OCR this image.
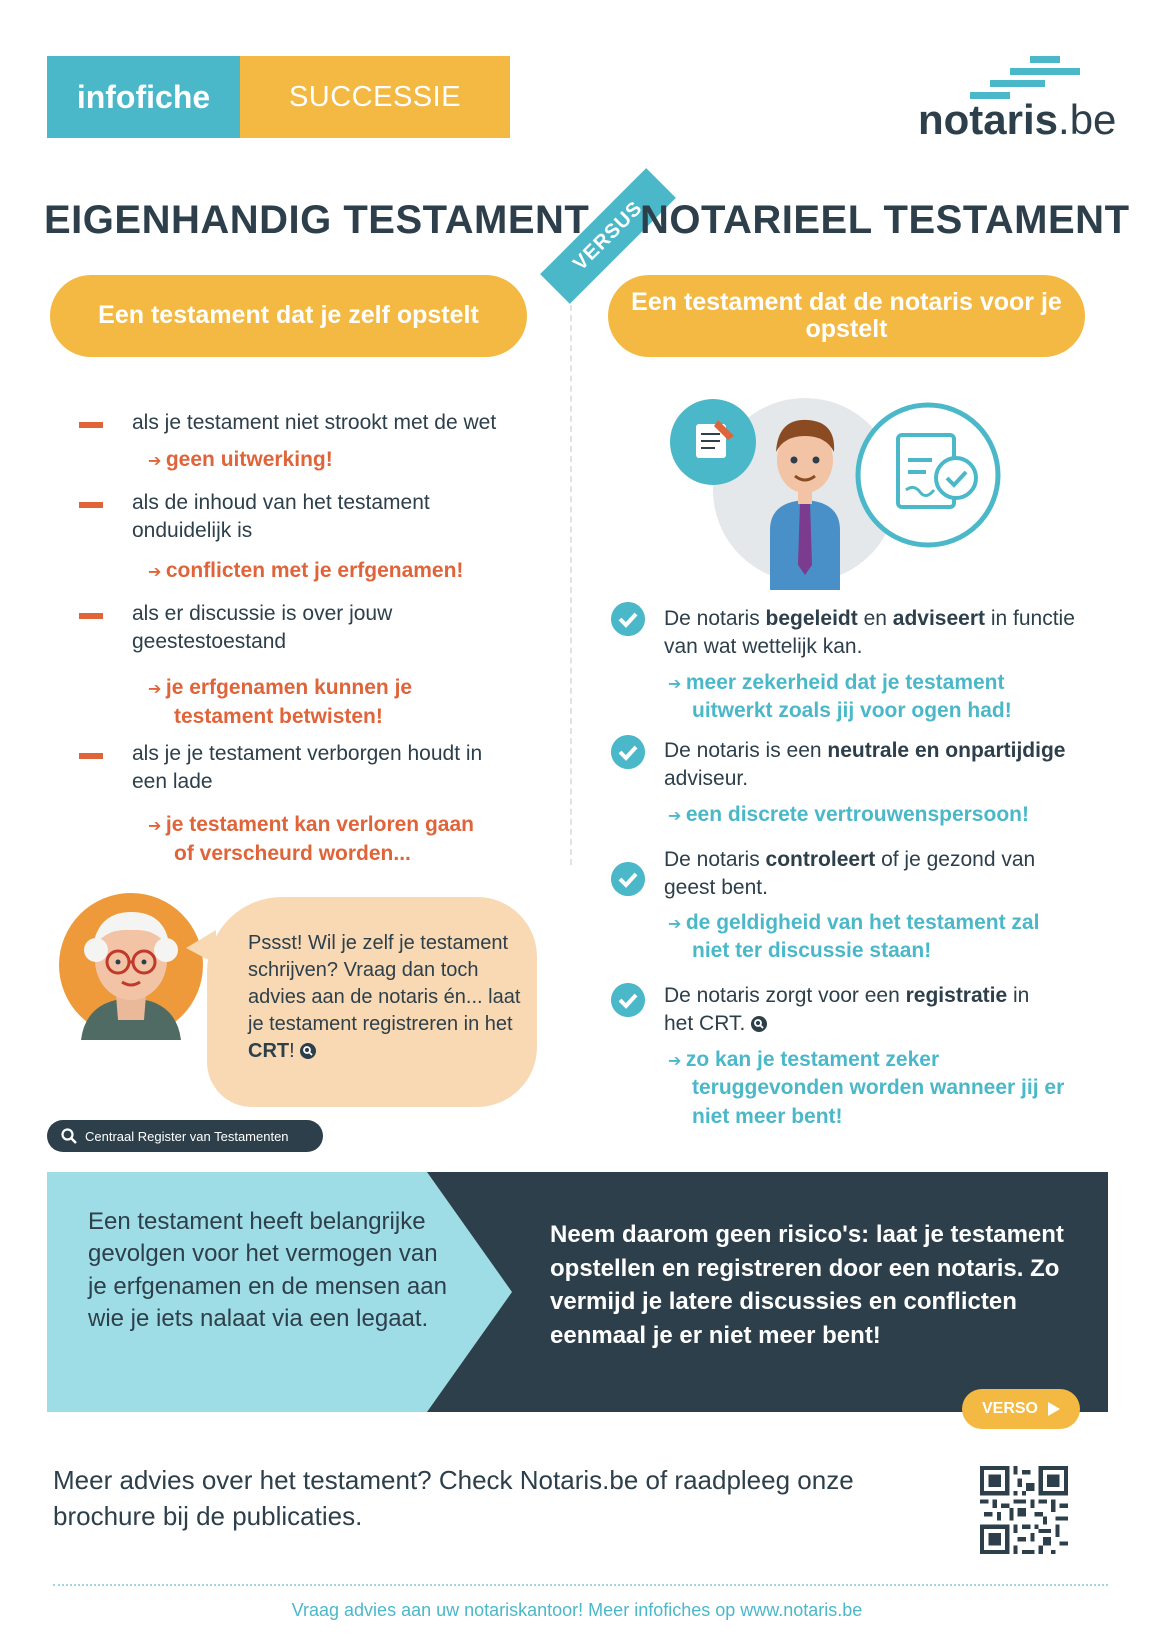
infofiche	SUCCESSIE	notaris.be
EIGENHANDIG TESTAMENT
VERSUS
NOTARIEEL TESTAMENT
Een testament dat je zelf opstelt	Een testament dat de notaris voor je opstelt
als je testament niet strookt met de wet
➔ geen uitwerking!
als de inhoud van het testament onduidelijk is
➔ conflicten met je erfgenamen!
als er discussie is over jouw geestestoestand
➔ je erfgenamen kunnen je testament betwisten!
als je je testament verborgen houdt in een lade
➔ je testament kan verloren gaan of verscheurd worden...
Pssst! Wil je zelf je testament schrijven? Vraag dan toch advies aan de notaris én... laat je testament registreren in het CRT!
Centraal Register van Testamenten
De notaris begeleidt en adviseert in functie van wat wettelijk kan.
➔ meer zekerheid dat je testament uitwerkt zoals jij voor ogen had!
De notaris is een neutrale en onpartijdige adviseur.
➔ een discrete vertrouwenspersoon!
De notaris controleert of je gezond van geest bent.
➔ de geldigheid van het testament zal niet ter discussie staan!
De notaris zorgt voor een registratie in het CRT.
➔ zo kan je testament zeker teruggevonden worden wanneer jij er niet meer bent!
Een testament heeft belangrijke gevolgen voor het vermogen van je erfgenamen en de mensen aan wie je iets nalaat via een legaat.
Neem daarom geen risico's: laat je testament opstellen en registreren door een notaris. Zo vermijd je latere discussies en conflicten eenmaal je er niet meer bent!
VERSO
Meer advies over het testament? Check Notaris.be of raadpleeg onze brochure bij de publicaties.
Vraag advies aan uw notariskantoor! Meer infofiches op www.notaris.be
